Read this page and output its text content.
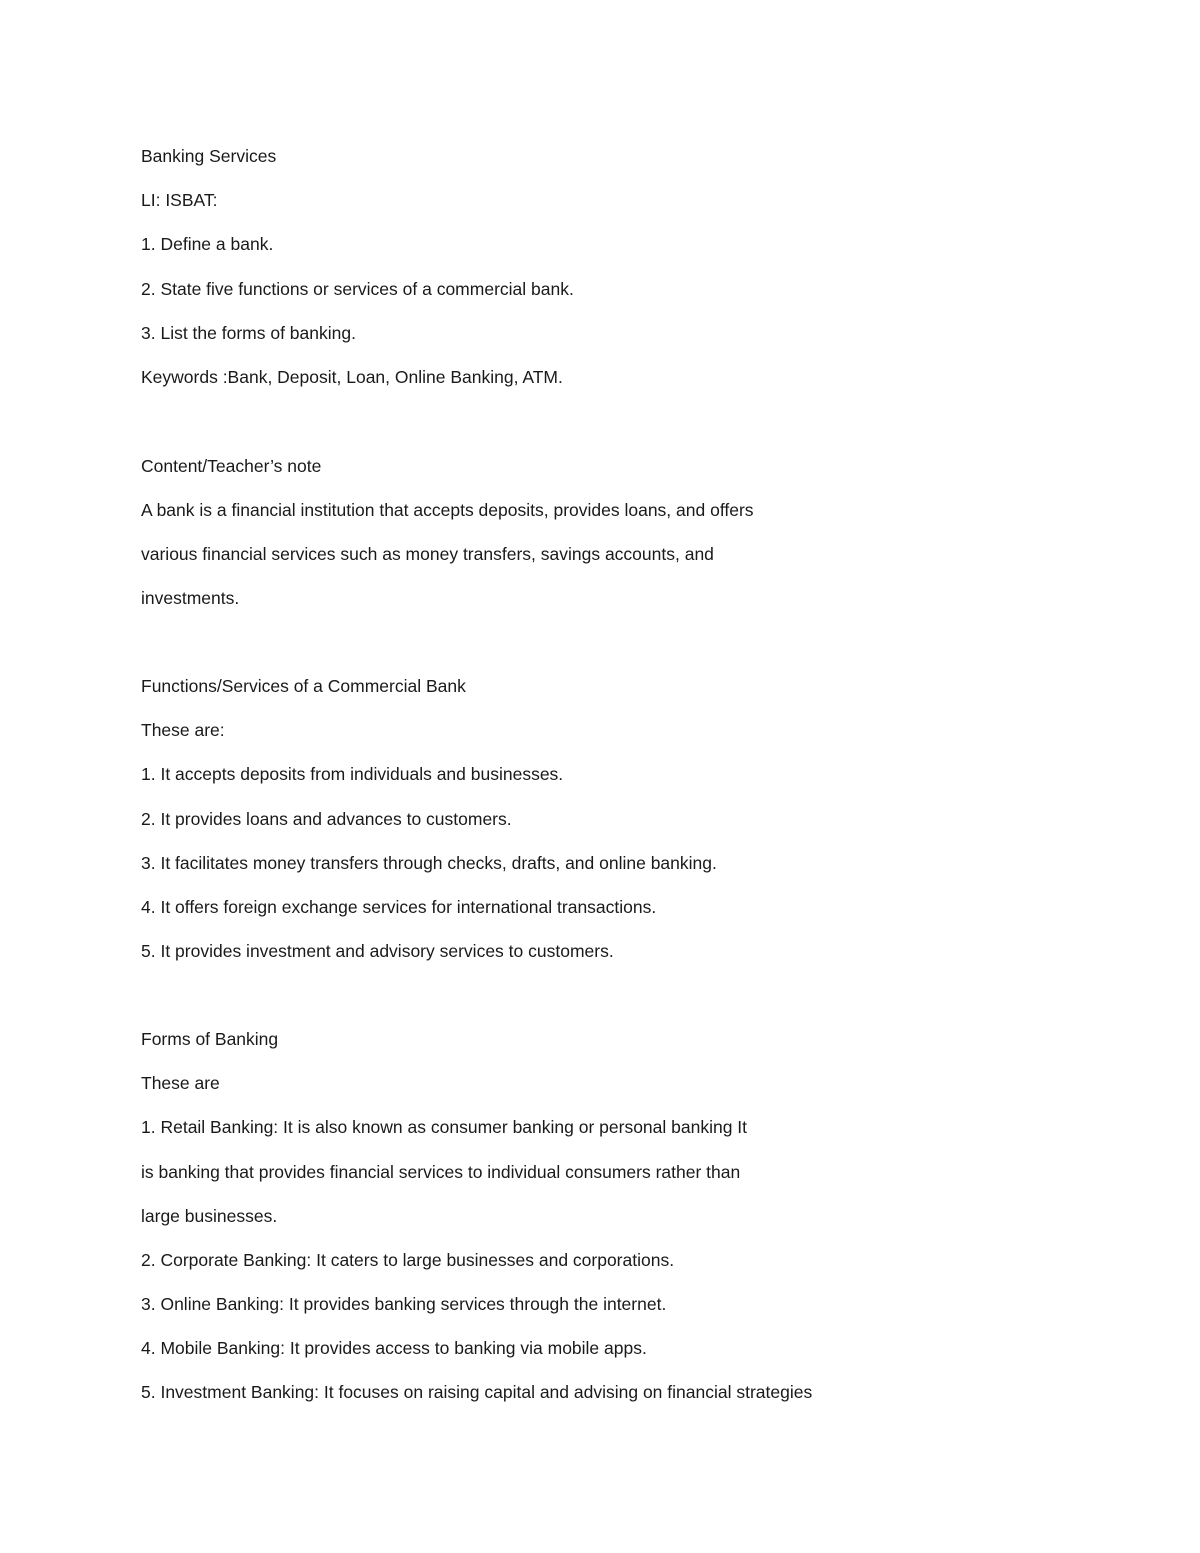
Banking Services

LI: ISBAT:

1. Define a bank.

2. State five functions or services of a commercial bank.

3. List the forms of banking.

Keywords :Bank, Deposit, Loan, Online Banking, ATM.

Content/Teacher’s note

A bank is a financial institution that accepts deposits, provides loans, and offers

various financial services such as money transfers, savings accounts, and

investments.

Functions/Services of a Commercial Bank

These are:

1. It accepts deposits from individuals and businesses.

2. It provides loans and advances to customers.

3. It facilitates money transfers through checks, drafts, and online banking.

4. It offers foreign exchange services for international transactions.

5. It provides investment and advisory services to customers.

Forms of Banking

These are

1. Retail Banking: It is also known as consumer banking or personal banking It

is banking that provides financial services to individual consumers rather than

large businesses.

2. Corporate Banking: It caters to large businesses and corporations.

3. Online Banking: It provides banking services through the internet.

4. Mobile Banking: It provides access to banking via mobile apps.

5. Investment Banking: It focuses on raising capital and advising on financial strategies
